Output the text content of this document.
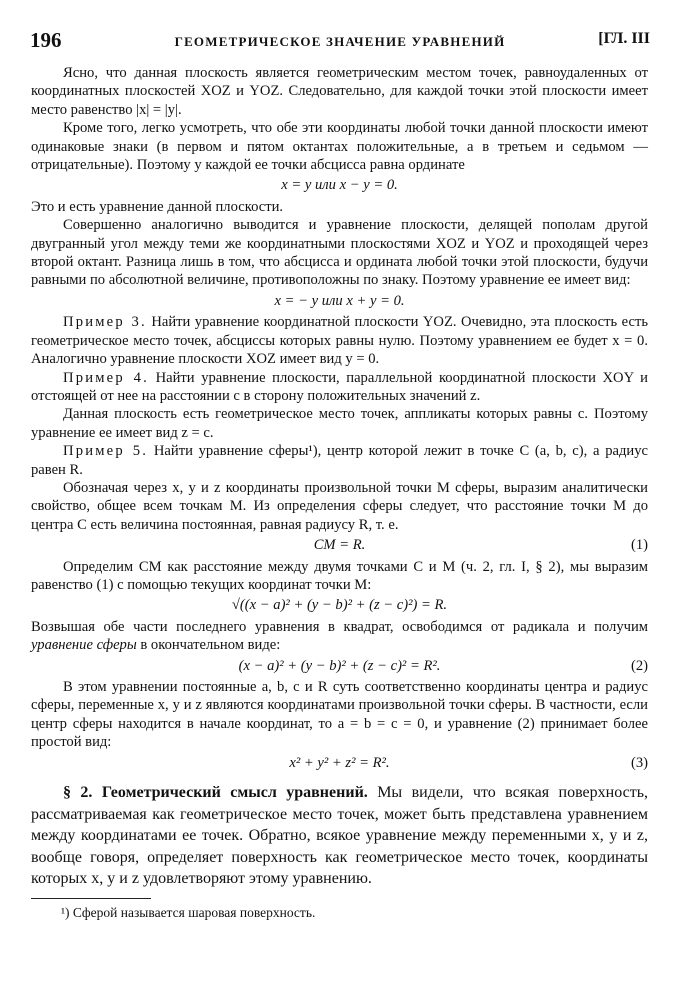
196	ГЕОМЕТРИЧЕСКОЕ ЗНАЧЕНИЕ УРАВНЕНИЙ	[ГЛ. III

Ясно, что данная плоскость является геометрическим местом точек, равноудаленных от координатных плоскостей XOZ и YOZ. Следовательно, для каждой точки этой плоскости имеет место равенство |x| = |y|.

Кроме того, легко усмотреть, что обе эти координаты любой точки данной плоскости имеют одинаковые знаки (в первом и пятом октантах положительные, а в третьем и седьмом — отрицательные). Поэтому у каждой ее точки абсцисса равна ординате

x = y или x − y = 0.

Это и есть уравнение данной плоскости.

Совершенно аналогично выводится и уравнение плоскости, делящей пополам другой двугранный угол между теми же координатными плоскостями XOZ и YOZ и проходящей через второй октант. Разница лишь в том, что абсцисса и ордината любой точки этой плоскости, будучи равными по абсолютной величине, противоположны по знаку. Поэтому уравнение ее имеет вид:

x = − y или x + y = 0.

Пример 3. Найти уравнение координатной плоскости YOZ. Очевидно, эта плоскость есть геометрическое место точек, абсциссы которых равны нулю. Поэтому уравнением ее будет x = 0. Аналогично уравнение плоскости XOZ имеет вид y = 0.

Пример 4. Найти уравнение плоскости, параллельной координатной плоскости XOY и отстоящей от нее на расстоянии c в сторону положительных значений z.

Данная плоскость есть геометрическое место точек, аппликаты которых равны c. Поэтому уравнение ее имеет вид z = c.

Пример 5. Найти уравнение сферы¹), центр которой лежит в точке C (a, b, c), а радиус равен R.

Обозначая через x, y и z координаты произвольной точки M сферы, выразим аналитически свойство, общее всем точкам M. Из определения сферы следует, что расстояние точки M до центра C есть величина постоянная, равная радиусу R, т. е.

CM = R.	(1)

Определим CM как расстояние между двумя точками C и M (ч. 2, гл. I, § 2), мы выразим равенство (1) с помощью текущих координат точки M:

√((x − a)² + (y − b)² + (z − c)²) = R.

Возвышая обе части последнего уравнения в квадрат, освободимся от радикала и получим уравнение сферы в окончательном виде:

(x − a)² + (y − b)² + (z − c)² = R².	(2)

В этом уравнении постоянные a, b, c и R суть соответственно координаты центра и радиус сферы, переменные x, y и z являются координатами произвольной точки сферы. В частности, если центр сферы находится в начале координат, то a = b = c = 0, и уравнение (2) принимает более простой вид:

x² + y² + z² = R².	(3)

§ 2. Геометрический смысл уравнений. Мы видели, что всякая поверхность, рассматриваемая как геометрическое место точек, может быть представлена уравнением между координатами ее точек. Обратно, всякое уравнение между переменными x, y и z, вообще говоря, определяет поверхность как геометрическое место точек, координаты которых x, y и z удовлетворяют этому уравнению.

¹) Сферой называется шаровая поверхность.
